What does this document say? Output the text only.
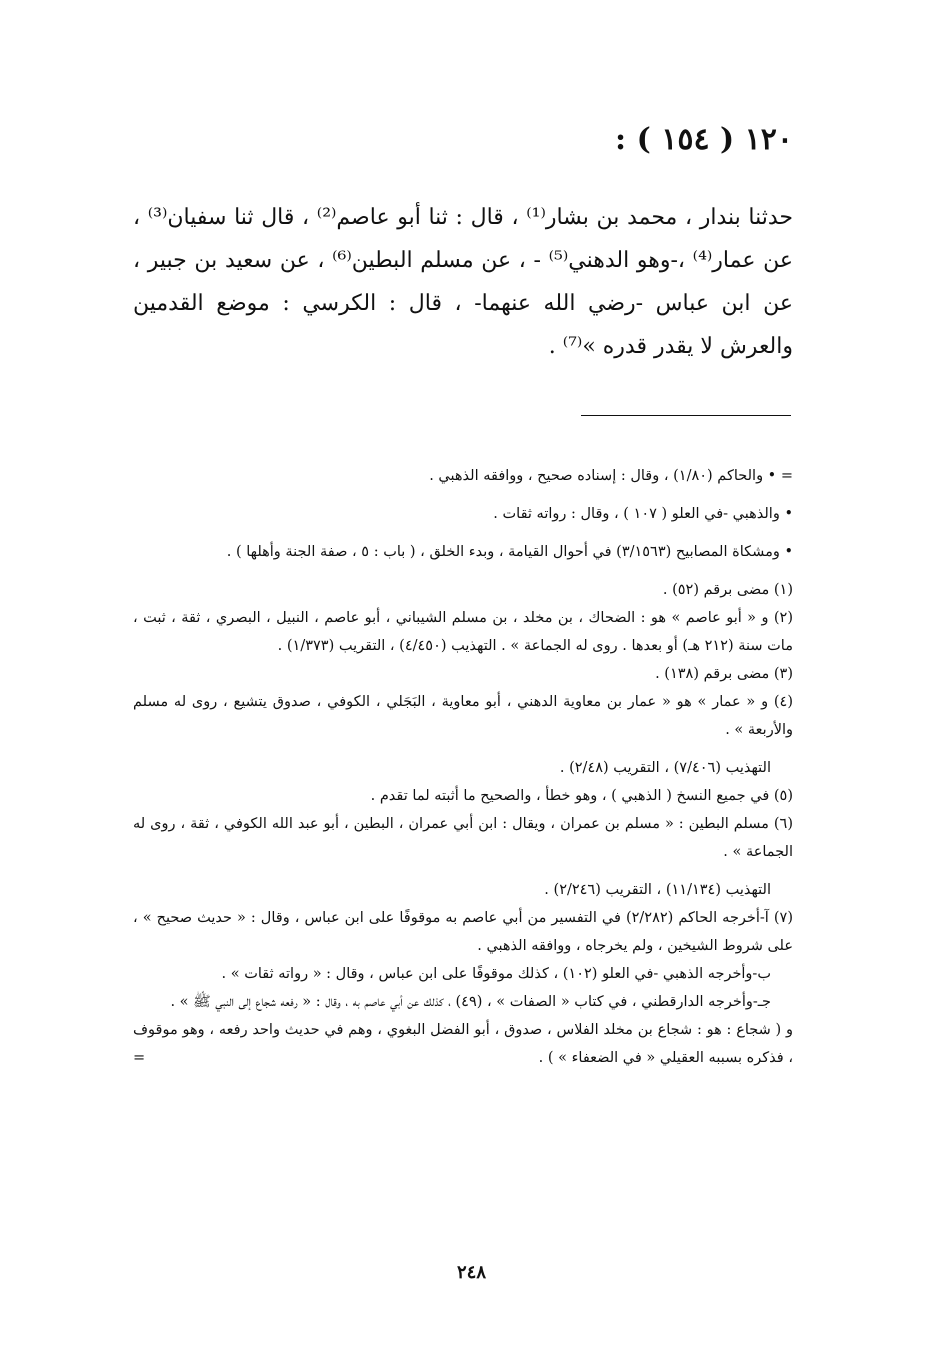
١٢٠ ( ١٥٤ ) :

حدثنا بندار ، محمد بن بشار⁽¹⁾ ، قال : ثنا أبو عاصم⁽²⁾ ، قال ثنا سفيان⁽³⁾ ، عن عمار⁽⁴⁾ ،-وهو الدهني⁽⁵⁾ - ، عن مسلم البطين⁽⁶⁾ ، عن سعيد بن جبير ، عن ابن عباس -رضي الله عنهما- ، قال : الكرسي : موضع القدمين والعرش لا يقدر قدره »⁽⁷⁾ .

= • والحاكم (١/٨٠) ، وقال : إسناده صحيح ، ووافقه الذهبي .

• والذهبي -في العلو ( ١٠٧ ) ، وقال : رواته ثقات .

• ومشكاة المصابيح (٣/١٥٦٣) في أحوال القيامة ، وبدء الخلق ، ( باب : ٥ ، صفة الجنة وأهلها ) .

(١) مضى برقم (٥٢) .

(٢) و « أبو عاصم » هو : الضحاك ، بن مخلد ، بن مسلم الشيباني ، أبو عاصم ، النبيل ، البصري ، ثقة ، ثبت ، مات سنة (٢١٢ هـ) أو بعدها . روى له الجماعة » . التهذيب (٤/٤٥٠) ، التقريب (١/٣٧٣) .

(٣) مضى برقم (١٣٨) .

(٤) و « عمار » هو « عمار بن معاوية الدهني ، أبو معاوية ، البَجَلي ، الكوفي ، صدوق يتشيع ، روى له مسلم والأربعة » .

التهذيب (٧/٤٠٦) ، التقريب (٢/٤٨) .

(٥) في جميع النسخ ( الذهبي ) ، وهو خطأ ، والصحيح ما أثبته لما تقدم .

(٦) مسلم البطين : « مسلم بن عمران ، ويقال : ابن أبي عمران ، البطين ، أبو عبد الله الكوفي ، ثقة ، روى له الجماعة » .

التهذيب (١١/١٣٤) ، التقريب (٢/٢٤٦) .

(٧) آ-أخرجه الحاكم (٢/٢٨٢) في التفسير من أبي عاصم به موقوفًا على ابن عباس ، وقال : « حديث صحيح » ، على شروط الشيخين ، ولم يخرجاه ، ووافقه الذهبي .

ب-وأخرجه الذهبي -في العلو (١٠٢) ، كذلك موقوفًا على ابن عباس ، وقال : « رواته ثقات » .

جـ-وأخرجه الدارقطني ، في كتاب « الصفات » ، (٤٩) ، كذلك عن أبي عاصم به ، وقال : « رفعه شجاع إلى النبي ﷺ » .

و ( شجاع : هو : شجاع بن مخلد الفلاس ، صدوق ، أبو الفضل البغوي ، وهم في حديث واحد رفعه ، وهو موقوف ، فذكره بسببه العقيلي « في الضعفاء » ) .
=

٢٤٨
